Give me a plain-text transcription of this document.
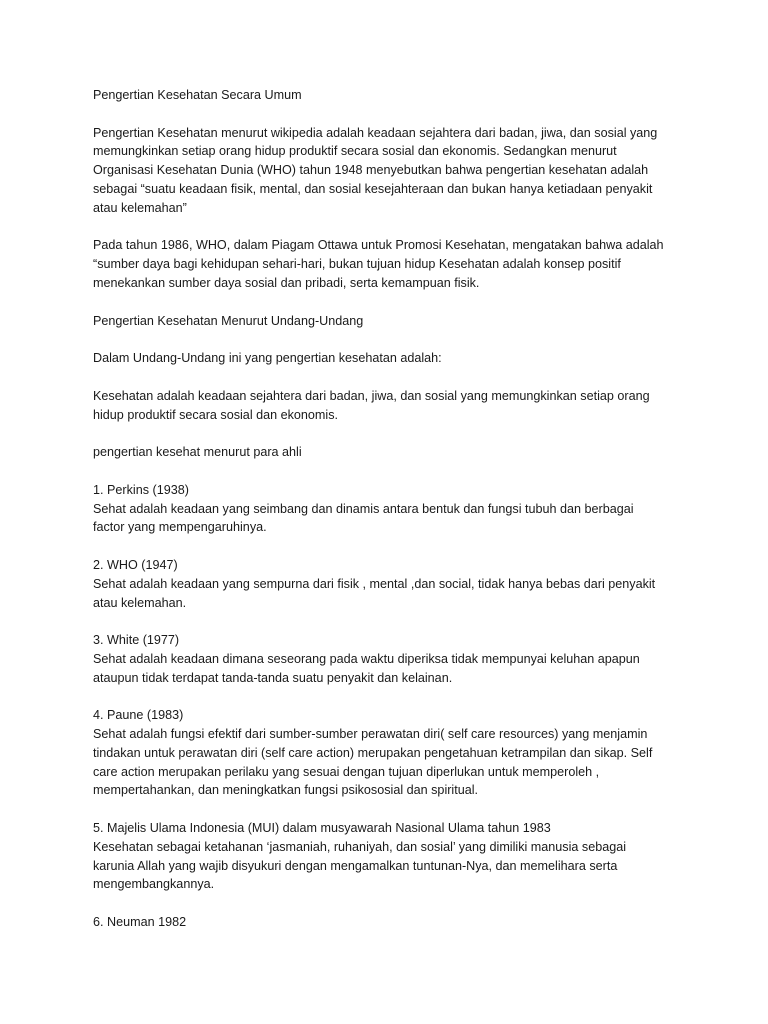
Pengertian Kesehatan Secara Umum
Pengertian Kesehatan menurut wikipedia adalah keadaan sejahtera dari badan, jiwa, dan sosial yang
memungkinkan setiap orang hidup produktif secara sosial dan ekonomis. Sedangkan menurut
Organisasi Kesehatan Dunia (WHO) tahun 1948 menyebutkan bahwa pengertian kesehatan adalah
sebagai “suatu keadaan fisik, mental, dan sosial kesejahteraan dan bukan hanya ketiadaan penyakit
atau kelemahan”
Pada tahun 1986, WHO, dalam Piagam Ottawa untuk Promosi Kesehatan, mengatakan bahwa adalah
“sumber daya bagi kehidupan sehari-hari, bukan tujuan hidup Kesehatan adalah konsep positif
menekankan sumber daya sosial dan pribadi, serta kemampuan fisik.
Pengertian Kesehatan Menurut Undang-Undang
Dalam Undang-Undang ini yang pengertian kesehatan adalah:
Kesehatan adalah keadaan sejahtera dari badan, jiwa, dan sosial yang memungkinkan setiap orang
hidup produktif secara sosial dan ekonomis.
pengertian kesehat menurut para ahli
1. Perkins (1938)
Sehat adalah keadaan yang seimbang dan dinamis antara bentuk dan fungsi tubuh dan berbagai
factor yang mempengaruhinya.
2. WHO (1947)
Sehat adalah keadaan yang sempurna dari fisik , mental ,dan social, tidak hanya bebas dari penyakit
atau kelemahan.
3. White (1977)
Sehat adalah keadaan dimana seseorang pada waktu diperiksa tidak mempunyai keluhan apapun
ataupun tidak terdapat tanda-tanda suatu penyakit dan kelainan.
4. Paune (1983)
Sehat adalah fungsi efektif dari sumber-sumber perawatan diri( self care resources) yang menjamin
tindakan untuk perawatan diri (self care action) merupakan pengetahuan ketrampilan dan sikap. Self
care action merupakan perilaku yang sesuai dengan tujuan diperlukan untuk memperoleh ,
mempertahankan, dan meningkatkan fungsi psikososial dan spiritual.
5. Majelis Ulama Indonesia (MUI) dalam musyawarah Nasional Ulama tahun 1983
Kesehatan sebagai ketahanan ‘jasmaniah, ruhaniyah, dan sosial’ yang dimiliki manusia sebagai
karunia Allah yang wajib disyukuri dengan mengamalkan tuntunan-Nya, dan memelihara serta
mengembangkannya.
6. Neuman 1982
